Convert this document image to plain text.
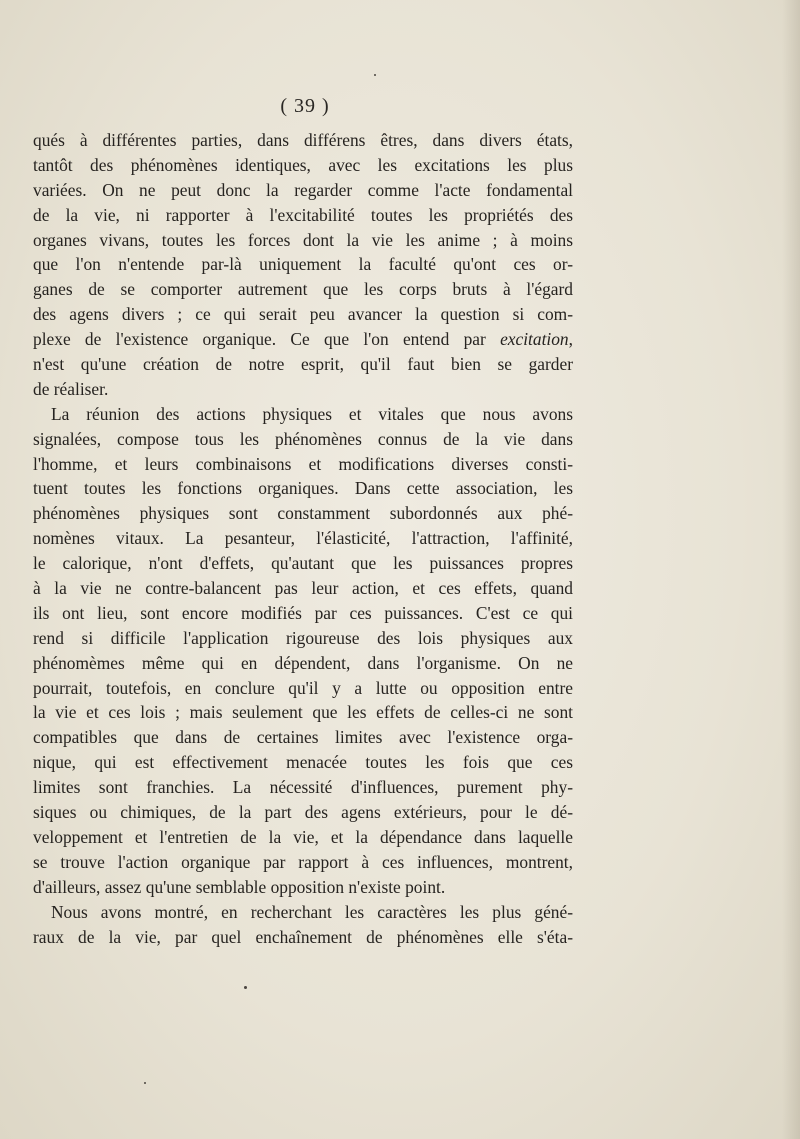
( 39 )
qués à différentes parties, dans différens êtres, dans divers états,
tantôt des phénomènes identiques, avec les excitations les plus
variées. On ne peut donc la regarder comme l'acte fondamental
de la vie, ni rapporter à l'excitabilité toutes les propriétés des
organes vivans, toutes les forces dont la vie les anime ; à moins
que l'on n'entende par-là uniquement la faculté qu'ont ces or-
ganes de se comporter autrement que les corps bruts à l'égard
des agens divers ; ce qui serait peu avancer la question si com-
plexe de l'existence organique. Ce que l'on entend par excitation,
n'est qu'une création de notre esprit, qu'il faut bien se garder
de réaliser.
La réunion des actions physiques et vitales que nous avons
signalées, compose tous les phénomènes connus de la vie dans
l'homme, et leurs combinaisons et modifications diverses consti-
tuent toutes les fonctions organiques. Dans cette association, les
phénomènes physiques sont constamment subordonnés aux phé-
nomènes vitaux. La pesanteur, l'élasticité, l'attraction, l'affinité,
le calorique, n'ont d'effets, qu'autant que les puissances propres
à la vie ne contre-balancent pas leur action, et ces effets, quand
ils ont lieu, sont encore modifiés par ces puissances. C'est ce qui
rend si difficile l'application rigoureuse des lois physiques aux
phénomèmes même qui en dépendent, dans l'organisme. On ne
pourrait, toutefois, en conclure qu'il y a lutte ou opposition entre
la vie et ces lois ; mais seulement que les effets de celles-ci ne sont
compatibles que dans de certaines limites avec l'existence orga-
nique, qui est effectivement menacée toutes les fois que ces
limites sont franchies. La nécessité d'influences, purement phy-
siques ou chimiques, de la part des agens extérieurs, pour le dé-
veloppement et l'entretien de la vie, et la dépendance dans laquelle
se trouve l'action organique par rapport à ces influences, montrent,
d'ailleurs, assez qu'une semblable opposition n'existe point.
Nous avons montré, en recherchant les caractères les plus géné-
raux de la vie, par quel enchaînement de phénomènes elle s'éta-
